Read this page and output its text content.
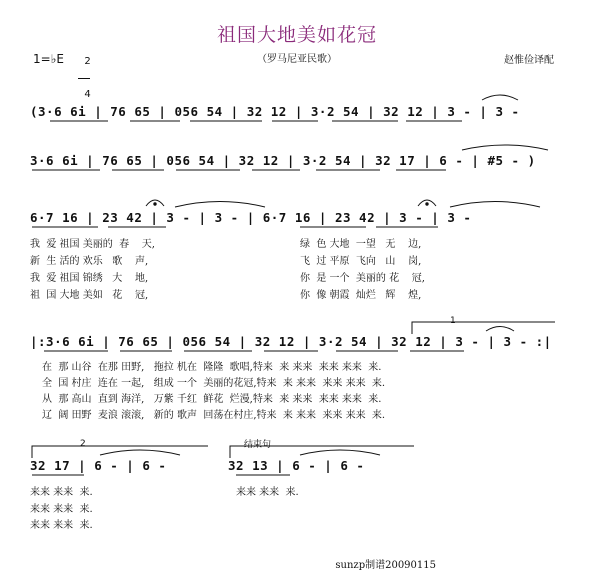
祖国大地美如花冠
（罗马尼亚民歌）	赵惟俭译配
1=♭E	2

4

(3·6 6i | 76 65 | 056 54 | 32 12 | 3·2 54 | 32 12 | 3 - | 3 -
3·6 6i | 76 65 | 056 54 | 32 12 | 3·2 54 | 32 17 | 6 - | #5 - )
6·7 16 | 23 42 | 3 - | 3 - | 6·7 16 | 23 42 | 3 - | 3 -
我  爱 祖国 美丽的  春    天,
新  生 活的 欢乐   歌    声,
我  爱 祖国 锦绣   大    地,
祖  国 大地 美如   花    冠,
绿  色 大地  一望   无    边,
飞  过 平原  飞向   山    岗,
你  是 一个  美丽的 花    冠,
你  像 朝霞  灿烂   辉    煌,
1
|:3·6 6i | 76 65 | 056 54 | 32 12 | 3·2 54 | 32 12 | 3 - | 3 - :|
在  那 山谷  在那 田野,   拖拉 机在  隆隆  歌唱,特来  来 来来  来来 来来  来.
全  国 村庄  连在 一起,   组成 一个  美丽的花冠,特来  来 来来  来来 来来  来.
从  那 高山  直到 海洋,   万紫 千红  鲜花  烂漫,特来  来 来来  来来 来来  来.
辽  阔 田野  麦浪 滚滚,   新的 歌声  回荡在村庄,特来  来 来来  来来 来来  来.
2	结束句
32 17 | 6 - | 6 -	32 13 | 6 - | 6 -
来来 来来  来.
来来 来来  来.
来来 来来  来.
来来 来来  来.
sunzp制谱20090115
